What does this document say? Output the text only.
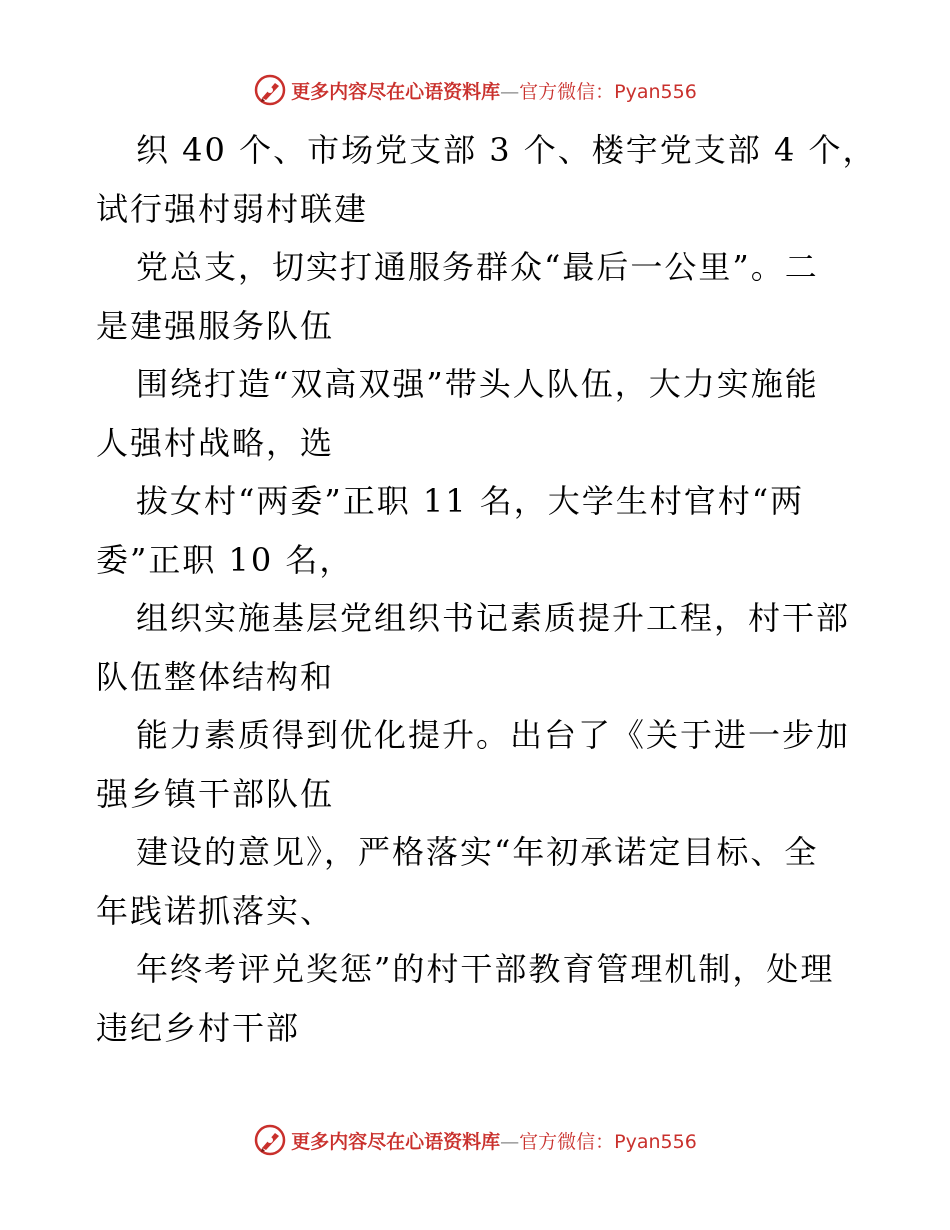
更多内容尽在心语资料库—官方微信：Pyan556

织 40 个、市场党支部 3 个、楼宇党支部 4 个，
试行强村弱村联建

党总支，切实打通服务群众“最后一公里”。二
是建强服务队伍

围绕打造“双高双强”带头人队伍，大力实施能
人强村战略，选

拔女村“两委”正职 11 名，大学生村官村“两
委”正职 10 名，

组织实施基层党组织书记素质提升工程，村干部
队伍整体结构和

能力素质得到优化提升。出台了《关于进一步加
强乡镇干部队伍

建设的意见》，严格落实“年初承诺定目标、全
年践诺抓落实、

年终考评兑奖惩”的村干部教育管理机制，处理
违纪乡村干部

更多内容尽在心语资料库—官方微信：Pyan556
